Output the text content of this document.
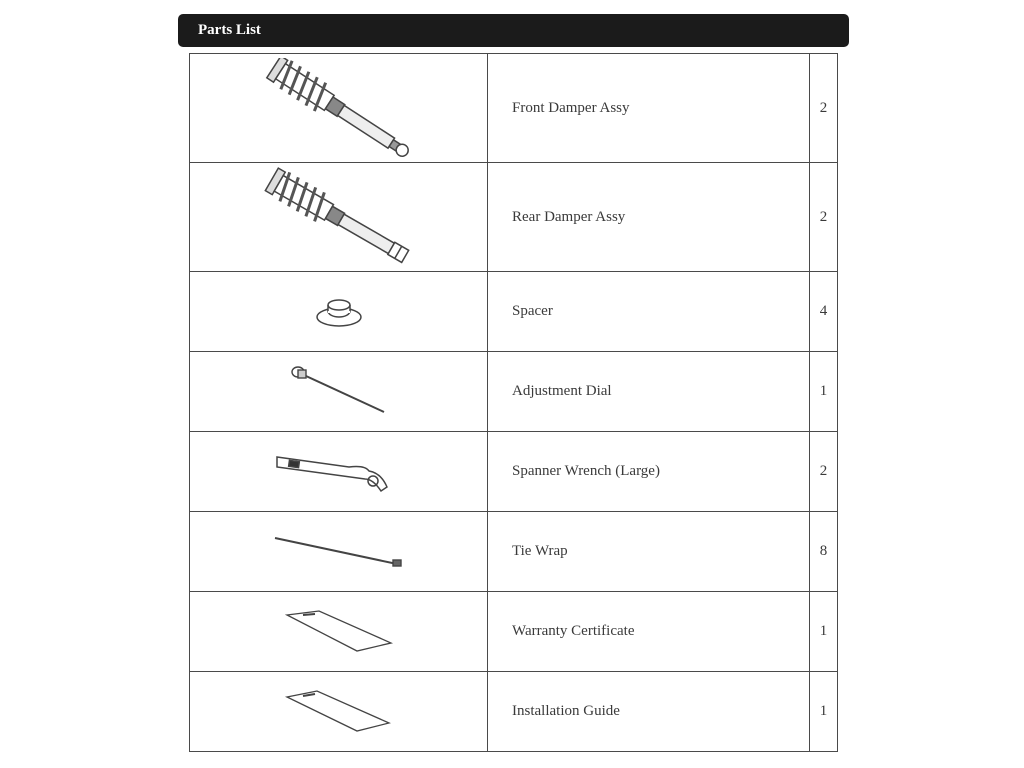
Parts List
	Front Damper Assy	2

	Rear Damper Assy	2

	Spacer	4

	Adjustment Dial	1

	Spanner Wrench (Large)	2

	Tie Wrap	8

	Warranty Certificate	1

	Installation Guide	1
